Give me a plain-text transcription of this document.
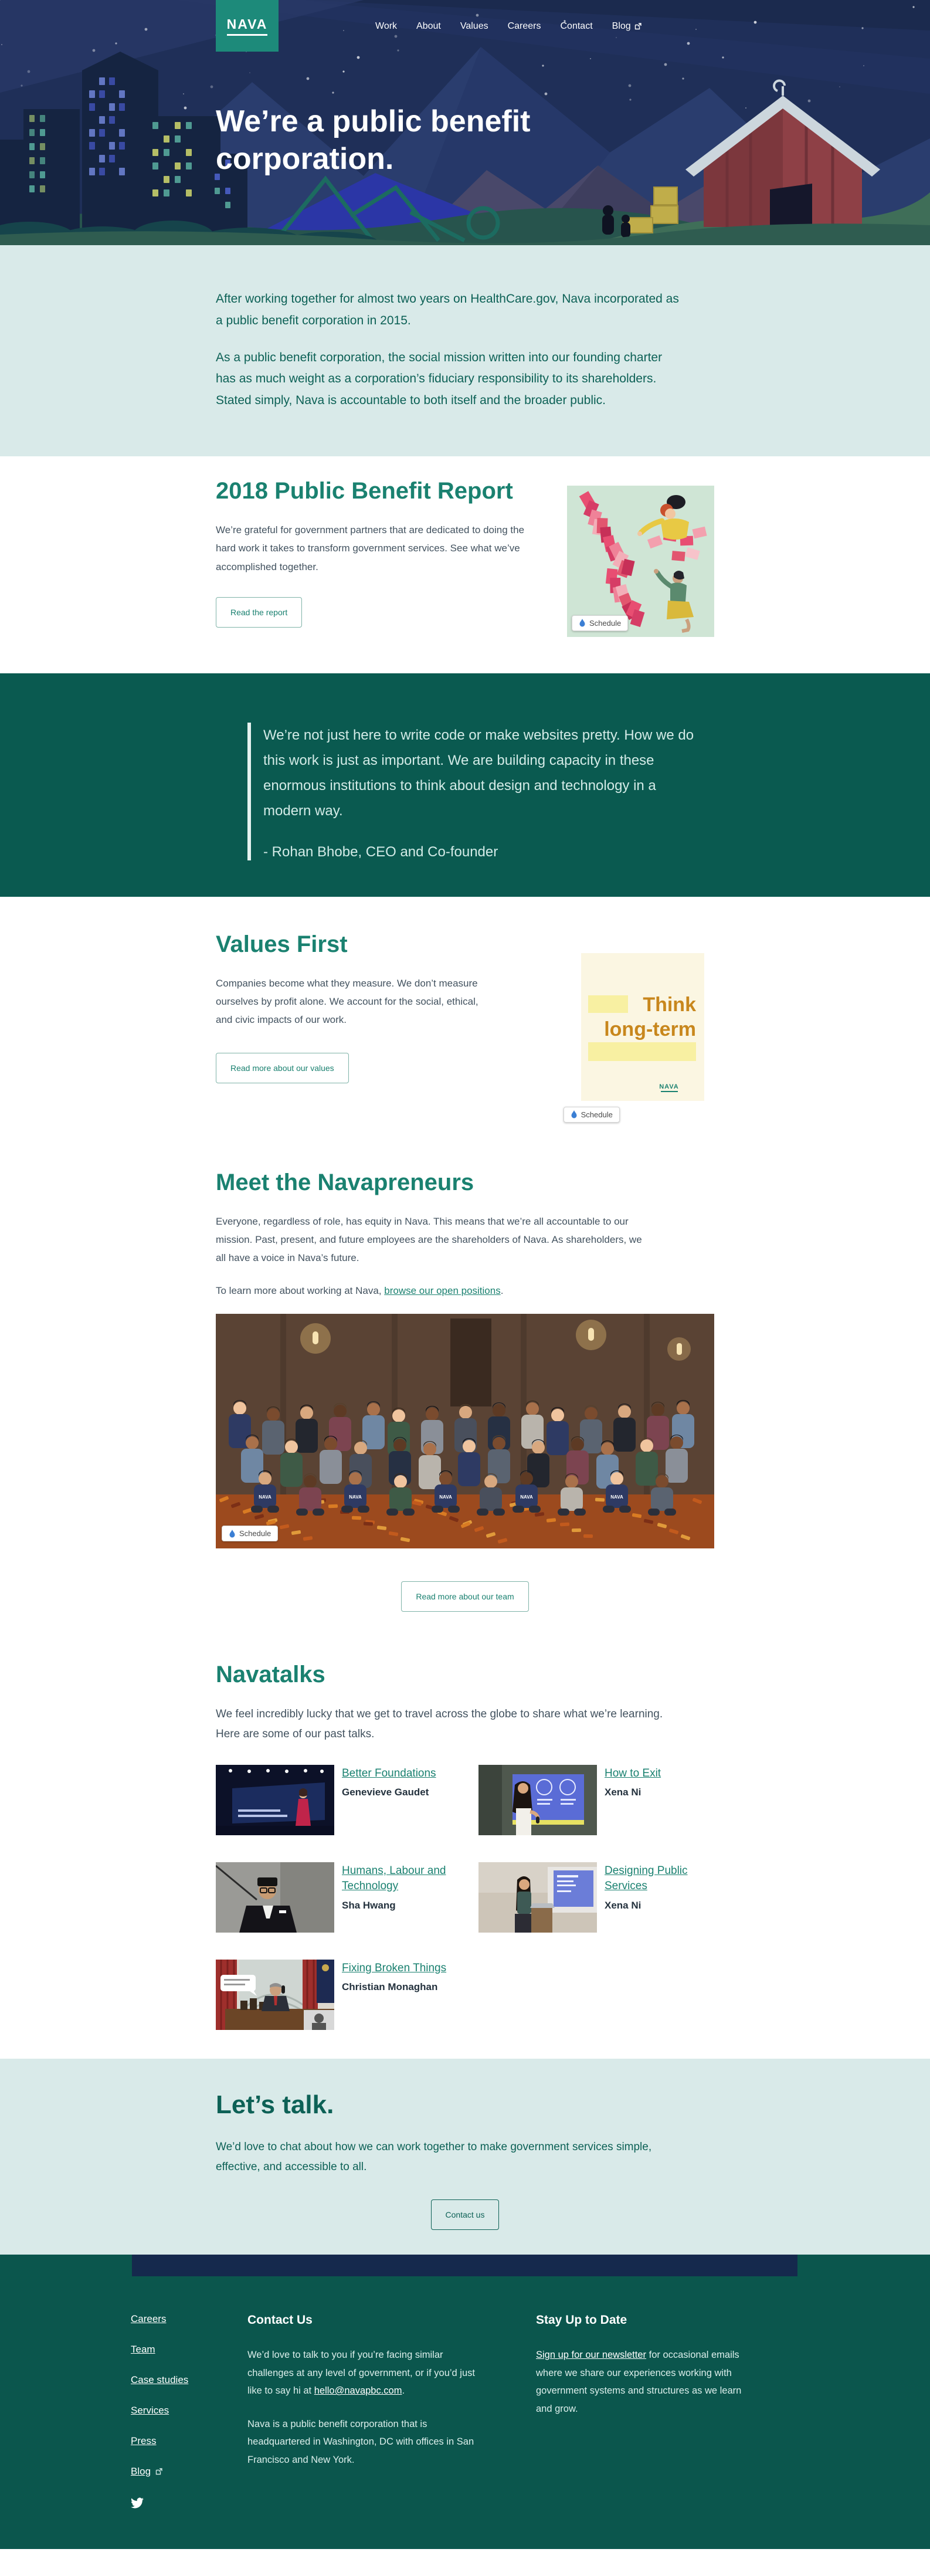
NAVA	Work About Values Careers Contact Blog
We’re a public benefit corporation.

After working together for almost two years on HealthCare.gov, Nava incorporated as a public benefit corporation in 2015.

As a public benefit corporation, the social mission written into our founding charter has as much weight as a corporation’s fiduciary responsibility to its shareholders. Stated simply, Nava is accountable to both itself and the broader public.

2018 Public Benefit Report

We’re grateful for government partners that are dedicated to doing the hard work it takes to transform government services. See what we’ve accomplished together.

Read the report
Schedule

We’re not just here to write code or make websites pretty. How we do this work is just as important. We are building capacity in these enormous institutions to think about design and technology in a modern way.

- Rohan Bhobe, CEO and Co-founder

Values First

Companies become what they measure. We don’t measure ourselves by profit alone. We account for the social, ethical, and civic impacts of our work.

Read more about our values
Think
long-term
NAVA
Schedule
Meet the Navapreneurs

Everyone, regardless of role, has equity in Nava. This means that we’re all accountable to our mission. Past, present, and future employees are the shareholders of Nava. As shareholders, we all have a voice in Nava’s future.

To learn more about working at Nava, browse our open positions.

NAVA	NAVA	NAVA	NAVA	NAVA
Schedule
Read more about our team
Navatalks

We feel incredibly lucky that we get to travel across the globe to share what we’re learning. Here are some of our past talks.

Better Foundations
Genevieve Gaudet
How to Exit
Xena Ni
Humans, Labour and Technology
Sha Hwang
Designing Public Services
Xena Ni
Fixing Broken Things
Christian Monaghan
Let’s talk.

We’d love to chat about how we can work together to make government services simple, effective, and accessible to all.

Contact us
Careers
Team
Case studies
Services
Press
Blog
Contact Us

We’d love to talk to you if you’re facing similar challenges at any level of government, or if you’d just like to say hi at hello@navapbc.com.

Nava is a public benefit corporation that is headquartered in Washington, DC with offices in San Francisco and New York.

Stay Up to Date

Sign up for our newsletter for occasional emails where we share our experiences working with government systems and structures as we learn and grow.
